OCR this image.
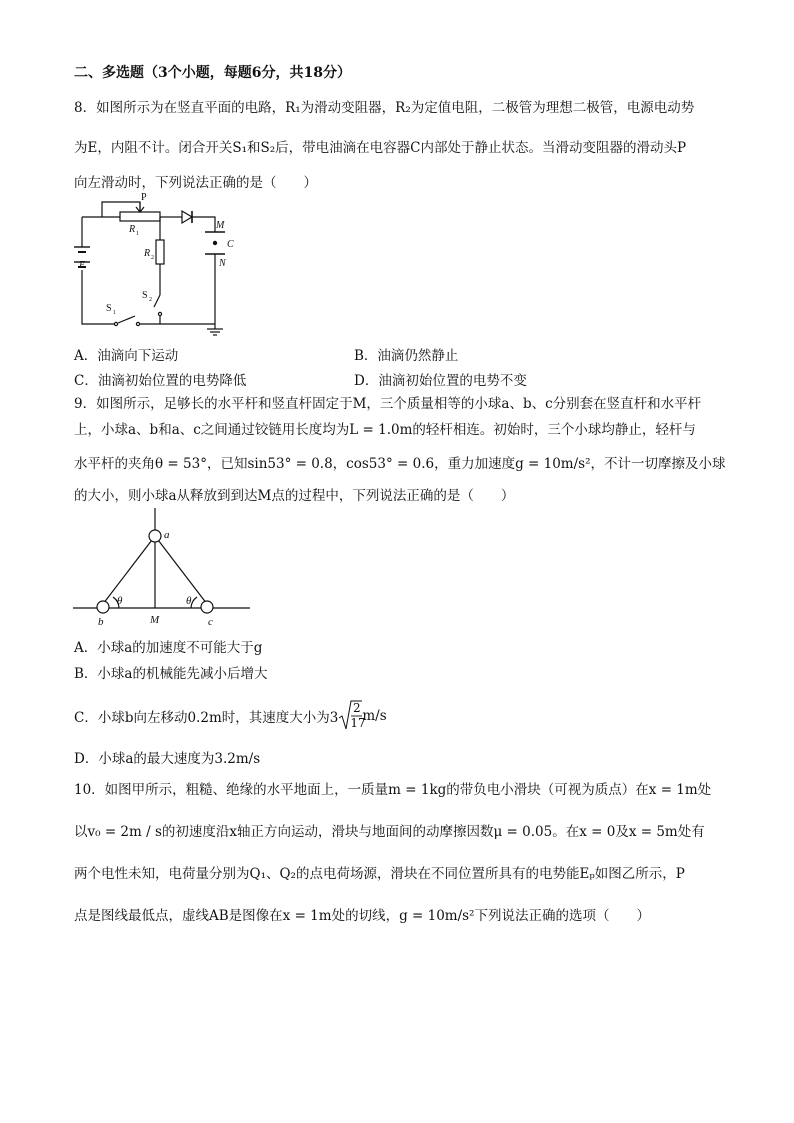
二、多选题（3个小题，每题6分，共18分）
8．如图所示为在竖直平面的电路，R₁为滑动变阻器，R₂为定值电阻，二极管为理想二极管，电源电动势
为E，内阻不计。闭合开关S₁和S₂后，带电油滴在电容器C内部处于静止状态。当滑动变阻器的滑动头P
向左滑动时，下列说法正确的是（　　）
P
R 1
R 2
E
M
C
N
S 2
S 1
A．油滴向下运动	B．油滴仍然静止
C．油滴初始位置的电势降低	D．油滴初始位置的电势不变
9．如图所示，足够长的水平杆和竖直杆固定于M，三个质量相等的小球a、b、c分别套在竖直杆和水平杆
上，小球a、b和a、c之间通过铰链用长度均为L = 1.0m的轻杆相连。初始时，三个小球均静止，轻杆与
水平杆的夹角θ = 53°，已知sin53° = 0.8，cos53° = 0.6，重力加速度g = 10m/s²，不计一切摩擦及小球
的大小，则小球a从释放到到达M点的过程中，下列说法正确的是（　　）
a
b	c
M
θ	θ
A．小球a的加速度不可能大于g
B．小球a的机械能先减小后增大
C．小球b向左移动0.2m时，其速度大小为3
2
17
m/s
D．小球a的最大速度为3.2m/s
10．如图甲所示，粗糙、绝缘的水平地面上，一质量m = 1kg的带负电小滑块（可视为质点）在x = 1m处
以v₀ = 2m / s的初速度沿x轴正方向运动，滑块与地面间的动摩擦因数μ = 0.05。在x = 0及x = 5m处有
两个电性未知，电荷量分别为Q₁、Q₂的点电荷场源，滑块在不同位置所具有的电势能Eₚ如图乙所示，P
点是图线最低点，虚线AB是图像在x = 1m处的切线，g = 10m/s²下列说法正确的选项（　　）
